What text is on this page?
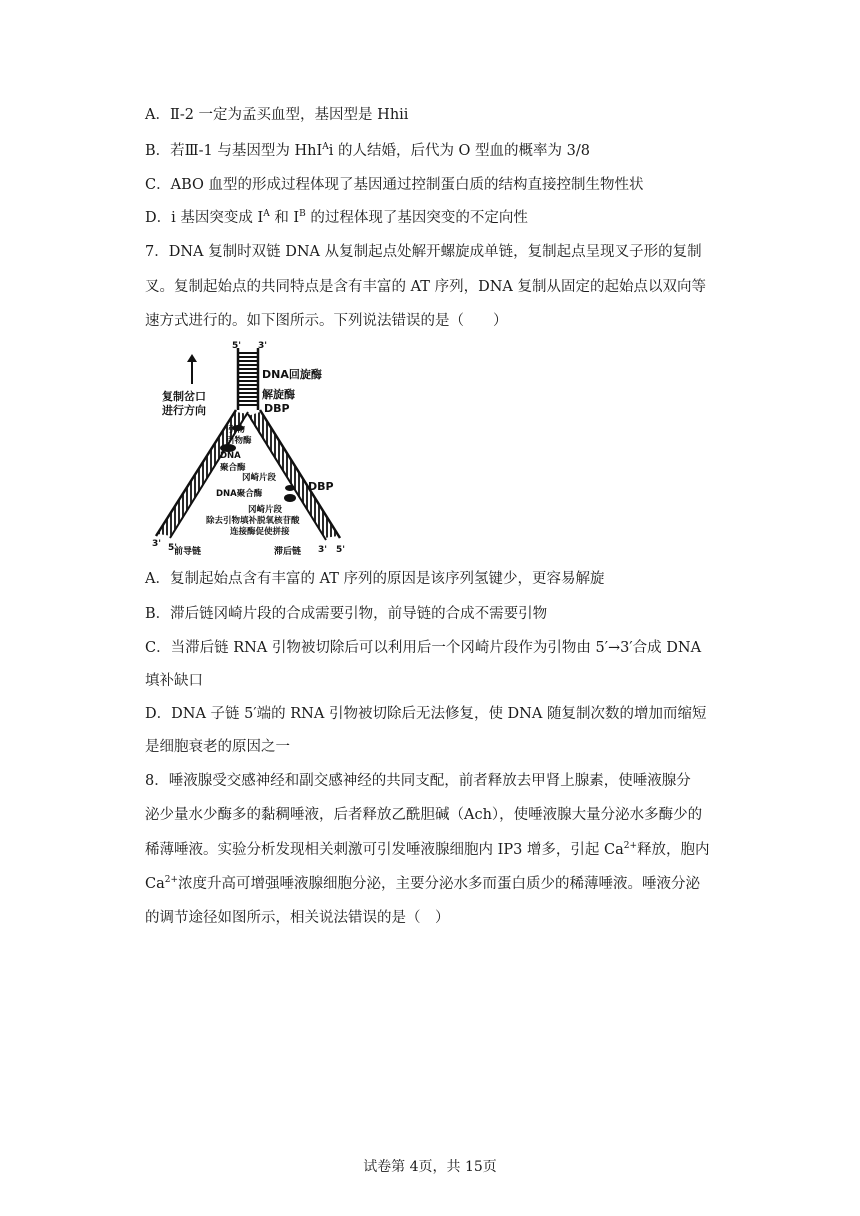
A．Ⅱ-2 一定为孟买血型，基因型是 Hhii
B．若Ⅲ-1 与基因型为 HhI$^A$i 的人结婚，后代为 O 型血的概率为 3/8
C．ABO 血型的形成过程体现了基因通过控制蛋白质的结构直接控制生物性状
D．i 基因突变成 $I^A$ 和 $I^B$ 的过程体现了基因突变的不定向性
7．DNA 复制时双链 DNA 从复制起点处解开螺旋成单链，复制起点呈现叉子形的复制
叉。复制起始点的共同特点是含有丰富的 AT 序列，DNA 复制从固定的起始点以双向等
速方式进行的。如下图所示。下列说法错误的是（　　）
5' 3'
DNA回旋酶
解旋酶
DBP
复制岔口
进行方向
引物
引物酶
DNA
聚合酶
冈崎片段
DNA聚合酶
DBP
冈崎片段
除去引物填补脱氧核苷酸
连接酶促使拼接
3' 5'
前导链	滞后链 3' 5'
A．复制起始点含有丰富的 AT 序列的原因是该序列氢键少，更容易解旋
B．滞后链冈崎片段的合成需要引物，前导链的合成不需要引物
C．当滞后链 RNA 引物被切除后可以利用后一个冈崎片段作为引物由 5′→3′合成 DNA
填补缺口
D．DNA 子链 5′端的 RNA 引物被切除后无法修复，使 DNA 随复制次数的增加而缩短
是细胞衰老的原因之一
8．唾液腺受交感神经和副交感神经的共同支配，前者释放去甲肾上腺素，使唾液腺分
泌少量水少酶多的黏稠唾液，后者释放乙酰胆碱（Ach），使唾液腺大量分泌水多酶少的
稀薄唾液。实验分析发现相关刺激可引发唾液腺细胞内 IP3 增多，引起 $Ca^{2+}$释放，胞内
$Ca^{2+}$浓度升高可增强唾液腺细胞分泌，主要分泌水多而蛋白质少的稀薄唾液。唾液分泌
的调节途径如图所示，相关说法错误的是（　）
试卷第 4页，共 15页
